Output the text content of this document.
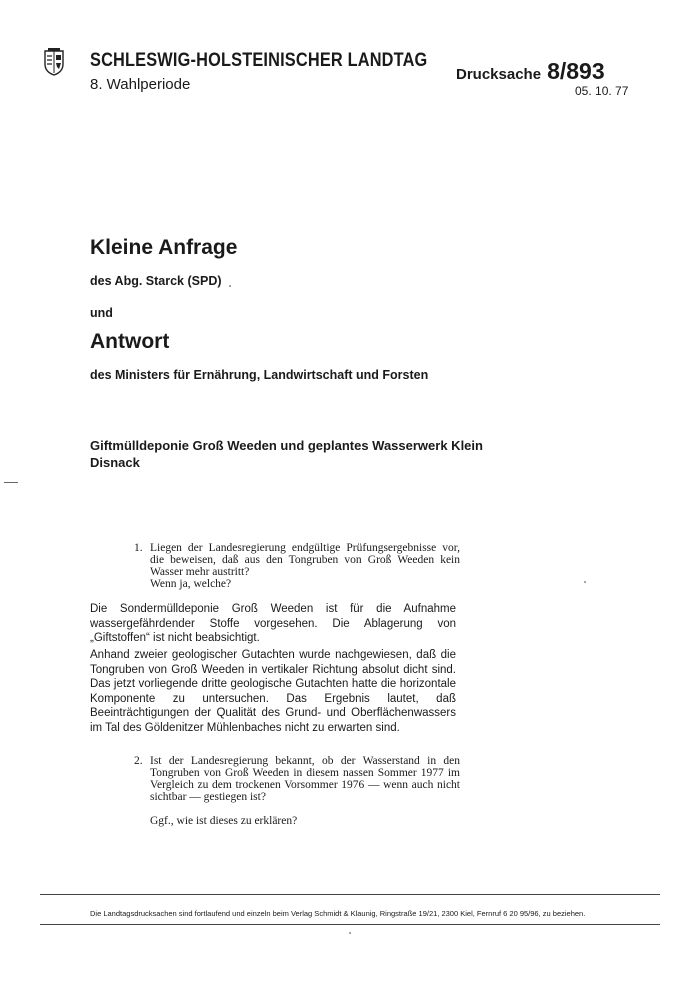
SCHLESWIG-HOLSTEINISCHER LANDTAG
8. Wahlperiode
Drucksache 8/893
05. 10. 77
Kleine Anfrage
des Abg. Starck (SPD)
und
Antwort
des Ministers für Ernährung, Landwirtschaft und Forsten
Giftmülldeponie Groß Weeden und geplantes Wasserwerk Klein Disnack
1. Liegen der Landesregierung endgültige Prüfungsergebnisse vor, die beweisen, daß aus den Tongruben von Groß Weeden kein Wasser mehr austritt?
Wenn ja, welche?
Die Sondermülldeponie Groß Weeden ist für die Aufnahme wassergefährdender Stoffe vorgesehen. Die Ablagerung von „Giftstoffen“ ist nicht beabsichtigt.
Anhand zweier geologischer Gutachten wurde nachgewiesen, daß die Tongruben von Groß Weeden in vertikaler Richtung absolut dicht sind. Das jetzt vorliegende dritte geologische Gutachten hatte die horizontale Komponente zu untersuchen. Das Ergebnis lautet, daß Beeinträchtigungen der Qualität des Grund- und Oberflächenwassers im Tal des Göldenitzer Mühlenbaches nicht zu erwarten sind.
2. Ist der Landesregierung bekannt, ob der Wasserstand in den Tongruben von Groß Weeden in diesem nassen Sommer 1977 im Vergleich zu dem trockenen Vorsommer 1976 — wenn auch nicht sichtbar — gestiegen ist?
Ggf., wie ist dieses zu erklären?
Die Landtagsdrucksachen sind fortlaufend und einzeln beim Verlag Schmidt & Klaunig, Ringstraße 19/21, 2300 Kiel, Fernruf 6 20 95/96, zu beziehen.
